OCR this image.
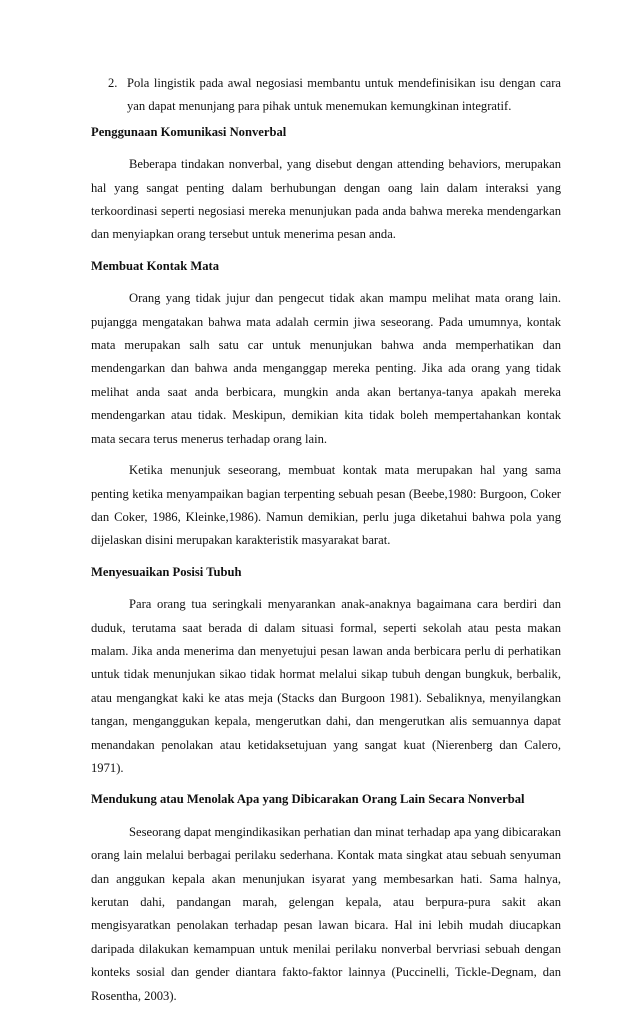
2. Pola lingistik pada awal negosiasi membantu untuk mendefinisikan isu dengan cara yan dapat menunjang para pihak untuk menemukan kemungkinan integratif.
Penggunaan Komunikasi Nonverbal

Beberapa tindakan nonverbal, yang disebut dengan attending behaviors, merupakan hal yang sangat penting dalam berhubungan dengan oang lain dalam interaksi yang terkoordinasi seperti negosiasi mereka menunjukan pada anda bahwa mereka mendengarkan dan menyiapkan orang tersebut untuk menerima pesan anda.

Membuat Kontak Mata

Orang yang tidak jujur dan pengecut tidak akan mampu melihat mata orang lain. pujangga mengatakan bahwa mata adalah cermin jiwa seseorang. Pada umumnya, kontak mata merupakan salh satu car untuk menunjukan bahwa anda memperhatikan dan mendengarkan dan bahwa anda menganggap mereka penting. Jika ada orang yang tidak melihat anda saat anda berbicara, mungkin anda akan bertanya-tanya apakah mereka mendengarkan atau tidak. Meskipun, demikian kita tidak boleh mempertahankan kontak mata secara terus menerus terhadap orang lain.

Ketika menunjuk seseorang, membuat kontak mata merupakan hal yang sama penting ketika menyampaikan bagian terpenting sebuah pesan (Beebe,1980: Burgoon, Coker dan Coker, 1986, Kleinke,1986). Namun demikian, perlu juga diketahui bahwa pola yang dijelaskan disini merupakan karakteristik masyarakat barat.

Menyesuaikan Posisi Tubuh

Para orang tua seringkali menyarankan anak-anaknya bagaimana cara berdiri dan duduk, terutama saat berada di dalam situasi formal, seperti sekolah atau pesta makan malam. Jika anda menerima dan menyetujui pesan lawan anda berbicara perlu di perhatikan untuk tidak menunjukan sikao tidak hormat melalui sikap tubuh dengan bungkuk, berbalik, atau mengangkat kaki ke atas meja (Stacks dan Burgoon 1981). Sebaliknya, menyilangkan tangan, menganggukan kepala, mengerutkan dahi, dan mengerutkan alis semuannya dapat menandakan penolakan atau ketidaksetujuan yang sangat kuat (Nierenberg dan Calero, 1971).

Mendukung atau Menolak Apa yang Dibicarakan Orang Lain Secara Nonverbal

Seseorang dapat mengindikasikan perhatian dan minat terhadap apa yang dibicarakan orang lain melalui berbagai perilaku sederhana. Kontak mata singkat atau sebuah senyuman dan anggukan kepala akan menunjukan isyarat yang membesarkan hati. Sama halnya, kerutan dahi, pandangan marah, gelengan kepala, atau berpura-pura sakit akan mengisyaratkan penolakan terhadap pesan lawan bicara. Hal ini lebih mudah diucapkan daripada dilakukan kemampuan untuk menilai perilaku nonverbal bervriasi sebuah dengan konteks sosial dan gender diantara fakto-faktor lainnya (Puccinelli, Tickle-Degnam, dan Rosentha, 2003).
